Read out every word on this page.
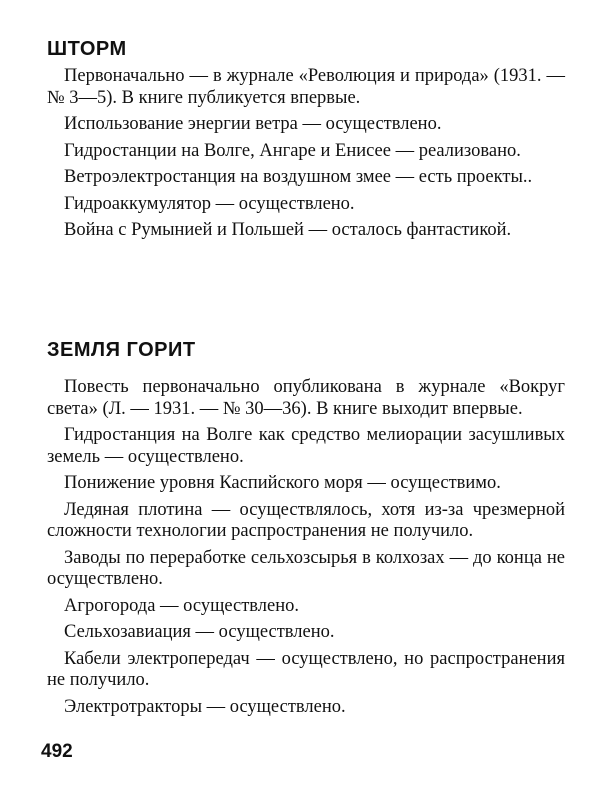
ШТОРМ

Первоначально — в журнале «Революция и природа» (1931. — № 3—5). В книге публикуется впервые.

Использование энергии ветра — осуществлено.

Гидростанции на Волге, Ангаре и Енисее — реализовано.

Ветроэлектростанция на воздушном змее — есть проекты..

Гидроаккумулятор — осуществлено.

Война с Румынией и Польшей — осталось фантастикой.

ЗЕМЛЯ ГОРИТ

Повесть первоначально опубликована в журнале «Вокруг света» (Л. — 1931. — № 30—36). В книге выходит впервые.

Гидростанция на Волге как средство мелиорации засушливых земель — осуществлено.

Понижение уровня Каспийского моря — осуществимо.

Ледяная плотина — осуществлялось, хотя из-за чрезмерной сложности технологии распространения не получило.

Заводы по переработке сельхозсырья в колхозах — до конца не осуществлено.

Агрогорода — осуществлено.

Сельхозавиация — осуществлено.

Кабели электропередач — осуществлено, но распространения не получило.

Электротракторы — осуществлено.

492
